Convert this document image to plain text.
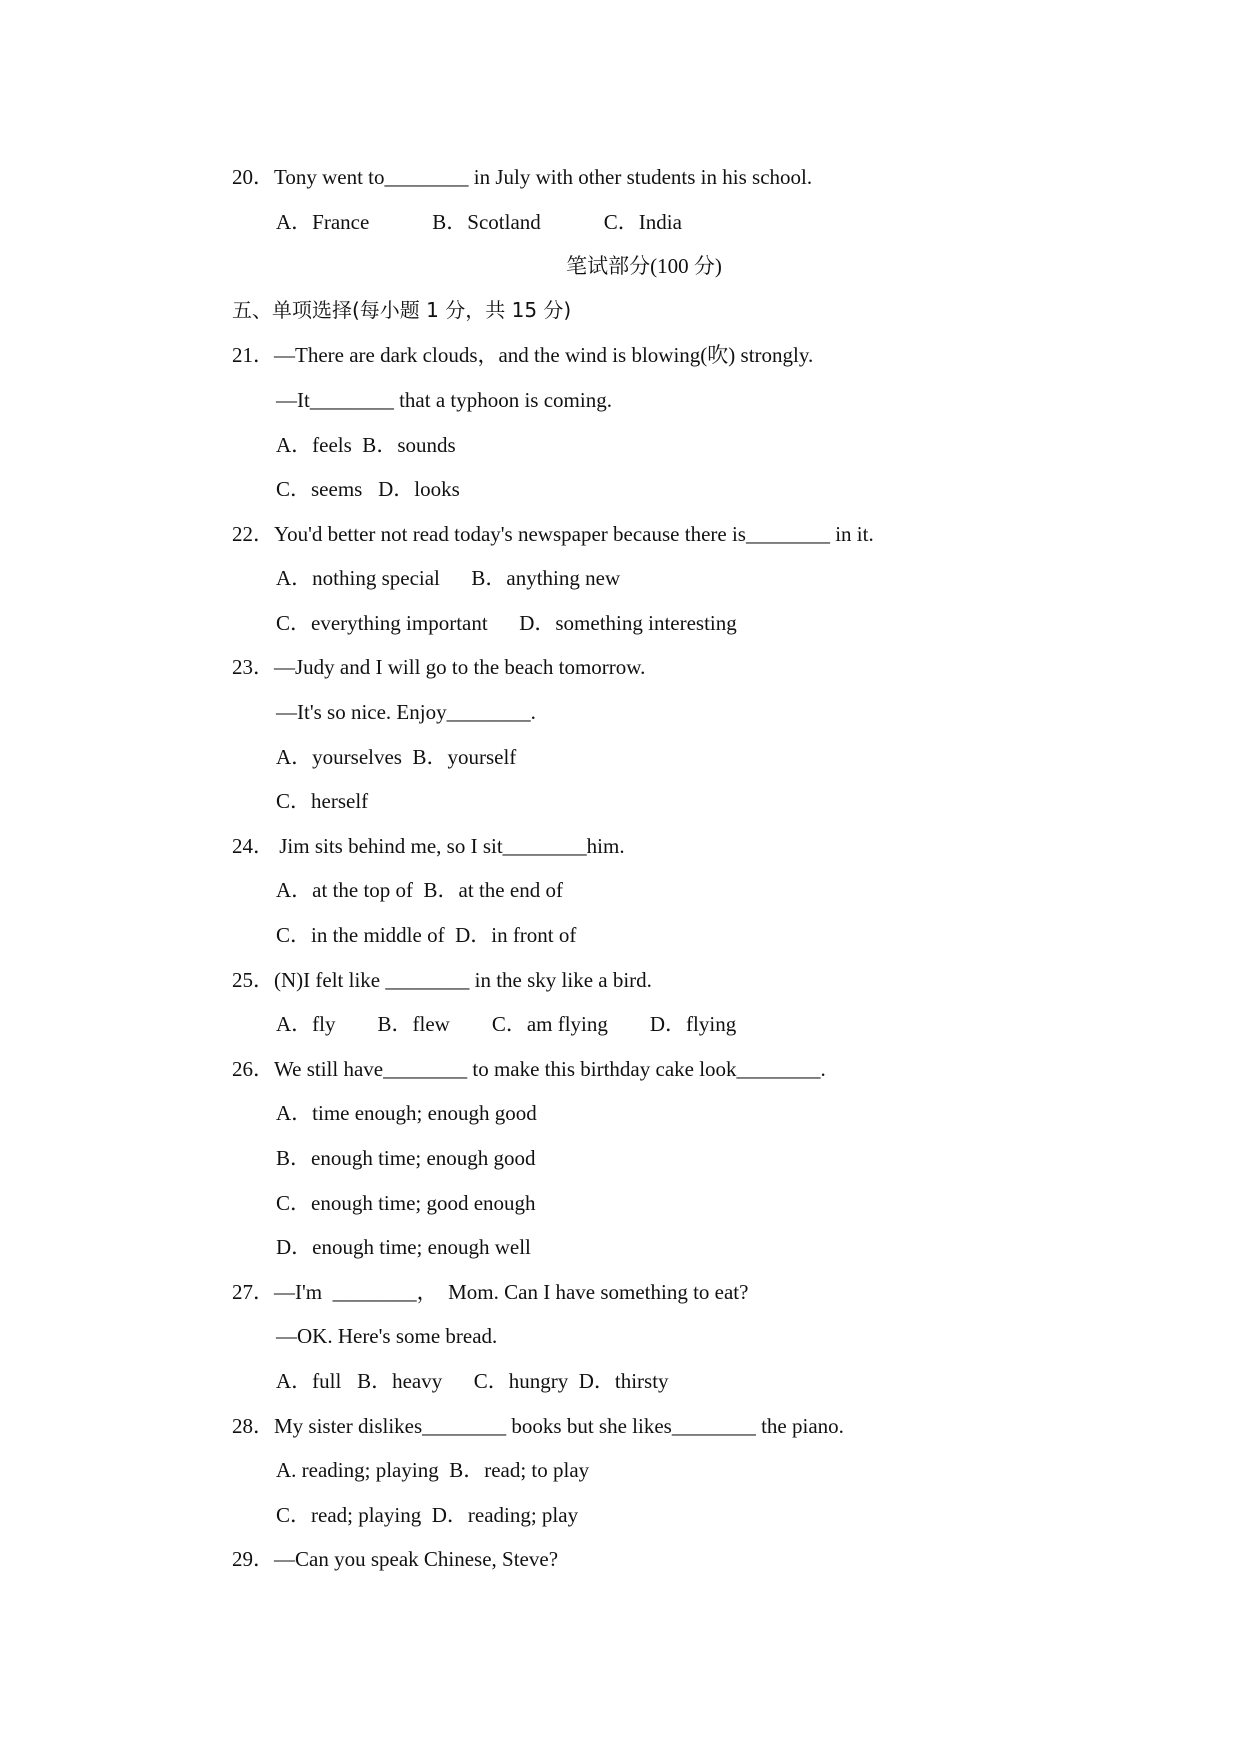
20．Tony went to________ in July with other students in his school.
A．France            B．Scotland            C．India
笔试部分(100 分)
五、单项选择(每小题 1 分，共 15 分)
21．—There are dark clouds，and the wind is blowing(吹) strongly.
—It________ that a typhoon is coming.
A．feels  B．sounds
C．seems   D．looks
22．You'd better not read today's newspaper because there is________ in it.
A．nothing special      B．anything new
C．everything important      D．something interesting
23．—Judy and I will go to the beach tomorrow.
—It's so nice. Enjoy________.
A．yourselves  B．yourself
C．herself
24． Jim sits behind me, so I sit________him.
A．at the top of  B．at the end of
C．in the middle of  D．in front of
25．(N)I felt like ________ in the sky like a bird.
A．fly        B．flew        C．am flying        D．flying
26．We still have________ to make this birthday cake look________.
A．time enough; enough good
B．enough time; enough good
C．enough time; good enough
D．enough time; enough well
27．—I'm  ________，  Mom. Can I have something to eat?
—OK. Here's some bread.
A．full   B．heavy      C．hungry  D．thirsty
28．My sister dislikes________ books but she likes________ the piano.
A. reading; playing  B．read; to play
C．read; playing  D．reading; play
29．—Can you speak Chinese, Steve?
